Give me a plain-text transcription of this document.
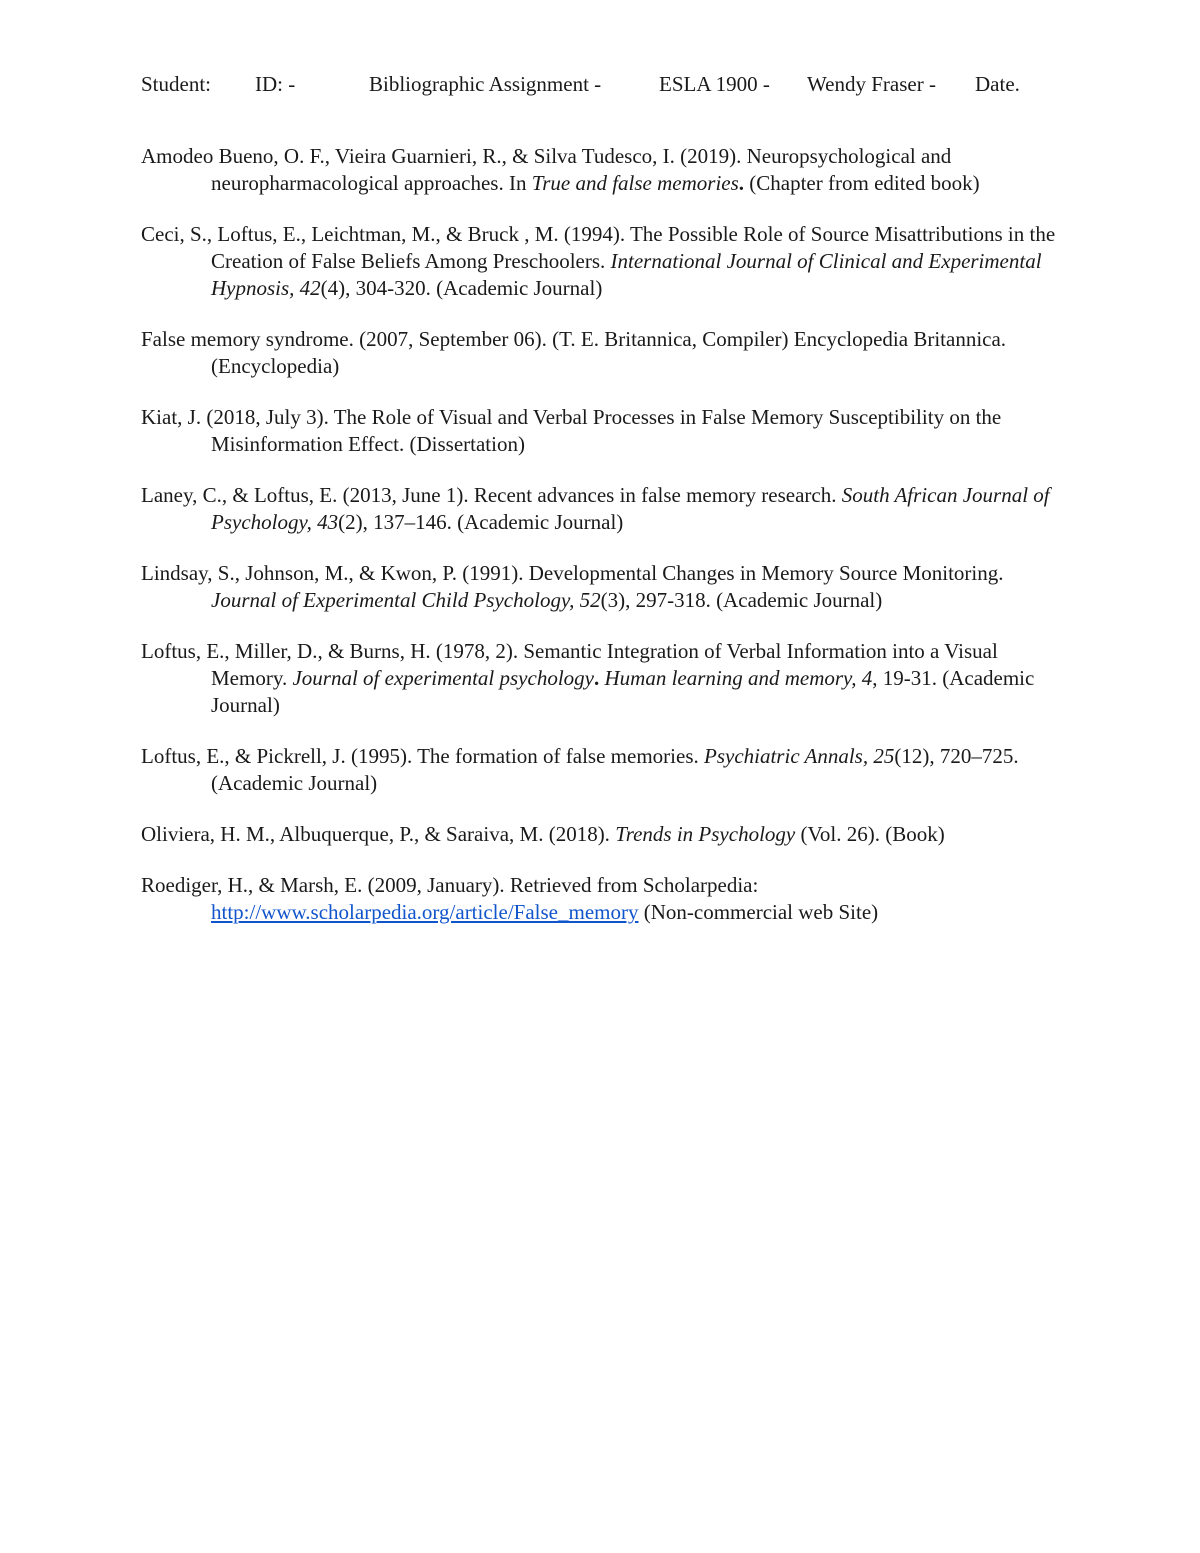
Student: ID: -	Bibliographic Assignment -	ESLA 1900 - Wendy Fraser - Date.

Amodeo Bueno, O. F., Vieira Guarnieri, R., & Silva Tudesco, I. (2019). Neuropsychological and neuropharmacological approaches. In True and false memories. (Chapter from edited book)

Ceci, S., Loftus, E., Leichtman, M., & Bruck , M. (1994). The Possible Role of Source Misattributions in the Creation of False Beliefs Among Preschoolers. International Journal of Clinical and Experimental Hypnosis, 42(4), 304-320. (Academic Journal)

False memory syndrome. (2007, September 06). (T. E. Britannica, Compiler) Encyclopedia Britannica. (Encyclopedia)

Kiat, J. (2018, July 3). The Role of Visual and Verbal Processes in False Memory Susceptibility on the Misinformation Effect. (Dissertation)

Laney, C., & Loftus, E. (2013, June 1). Recent advances in false memory research. South African Journal of Psychology, 43(2), 137–146. (Academic Journal)

Lindsay, S., Johnson, M., & Kwon, P. (1991). Developmental Changes in Memory Source Monitoring. Journal of Experimental Child Psychology, 52(3), 297-318. (Academic Journal)

Loftus, E., Miller, D., & Burns, H. (1978, 2). Semantic Integration of Verbal Information into a Visual Memory. Journal of experimental psychology. Human learning and memory, 4, 19-31. (Academic Journal)

Loftus, E., & Pickrell, J. (1995). The formation of false memories. Psychiatric Annals, 25(12), 720–725. (Academic Journal)

Oliviera, H. M., Albuquerque, P., & Saraiva, M. (2018). Trends in Psychology (Vol. 26). (Book)

Roediger, H., & Marsh, E. (2009, January). Retrieved from Scholarpedia: http://www.scholarpedia.org/article/False_memory (Non-commercial web Site)
